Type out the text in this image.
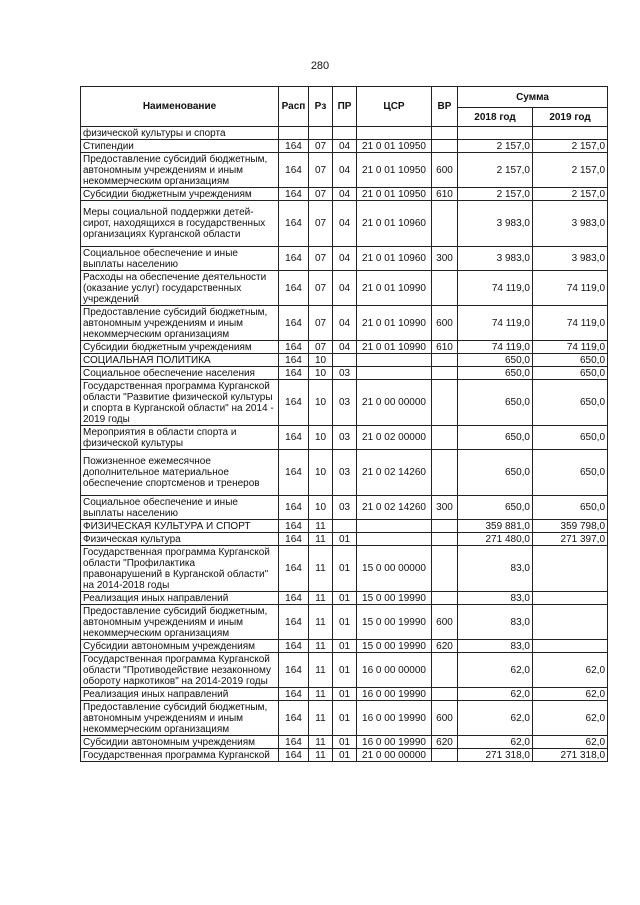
280
Наименование	Расп	Рз	ПР	ЦСР	ВР	Сумма	
						2018 год	2019 год
физической культуры и спорта							
Стипендии	164	07	04	21 0 01 10950		2 157,0	2 157,0
Предоставление субсидий бюджетным, автономным учреждениям и иным некоммерческим организациям	164	07	04	21 0 01 10950	600	2 157,0	2 157,0
Субсидии бюджетным учреждениям	164	07	04	21 0 01 10950	610	2 157,0	2 157,0
Меры социальной поддержки детей-сирот, находящихся в государственных организациях Курганской области	164	07	04	21 0 01 10960		3 983,0	3 983,0
Социальное обеспечение и иные выплаты населению	164	07	04	21 0 01 10960	300	3 983,0	3 983,0
Расходы на обеспечение деятельности (оказание услуг) государственных учреждений	164	07	04	21 0 01 10990		74 119,0	74 119,0
Предоставление субсидий бюджетным, автономным учреждениям и иным некоммерческим организациям	164	07	04	21 0 01 10990	600	74 119,0	74 119,0
Субсидии бюджетным учреждениям	164	07	04	21 0 01 10990	610	74 119,0	74 119,0
СОЦИАЛЬНАЯ ПОЛИТИКА	164	10				650,0	650,0
Социальное обеспечение населения	164	10	03			650,0	650,0
Государственная программа Курганской области "Развитие физической культуры и спорта в Курганской области" на 2014 - 2019 годы	164	10	03	21 0 00 00000		650,0	650,0
Мероприятия в области спорта и физической культуры	164	10	03	21 0 02 00000		650,0	650,0
Пожизненное ежемесячное дополнительное материальное обеспечение спортсменов и тренеров	164	10	03	21 0 02 14260		650,0	650,0
Социальное обеспечение и иные выплаты населению	164	10	03	21 0 02 14260	300	650,0	650,0
ФИЗИЧЕСКАЯ КУЛЬТУРА И СПОРТ	164	11				359 881,0	359 798,0
Физическая культура	164	11	01			271 480,0	271 397,0
Государственная программа Курганской области "Профилактика правонарушений в Курганской области" на 2014-2018 годы	164	11	01	15 0 00 00000		83,0	
Реализация иных направлений	164	11	01	15 0 00 19990		83,0	
Предоставление субсидий бюджетным, автономным учреждениям и иным некоммерческим организациям	164	11	01	15 0 00 19990	600	83,0	
Субсидии автономным учреждениям	164	11	01	15 0 00 19990	620	83,0	
Государственная программа Курганской области "Противодействие незаконному обороту наркотиков" на 2014-2019 годы	164	11	01	16 0 00 00000		62,0	62,0
Реализация иных направлений	164	11	01	16 0 00 19990		62,0	62,0
Предоставление субсидий бюджетным, автономным учреждениям и иным некоммерческим организациям	164	11	01	16 0 00 19990	600	62,0	62,0
Субсидии автономным учреждениям	164	11	01	16 0 00 19990	620	62,0	62,0
Государственная программа Курганской	164	11	01	21 0 00 00000		271 318,0	271 318,0
